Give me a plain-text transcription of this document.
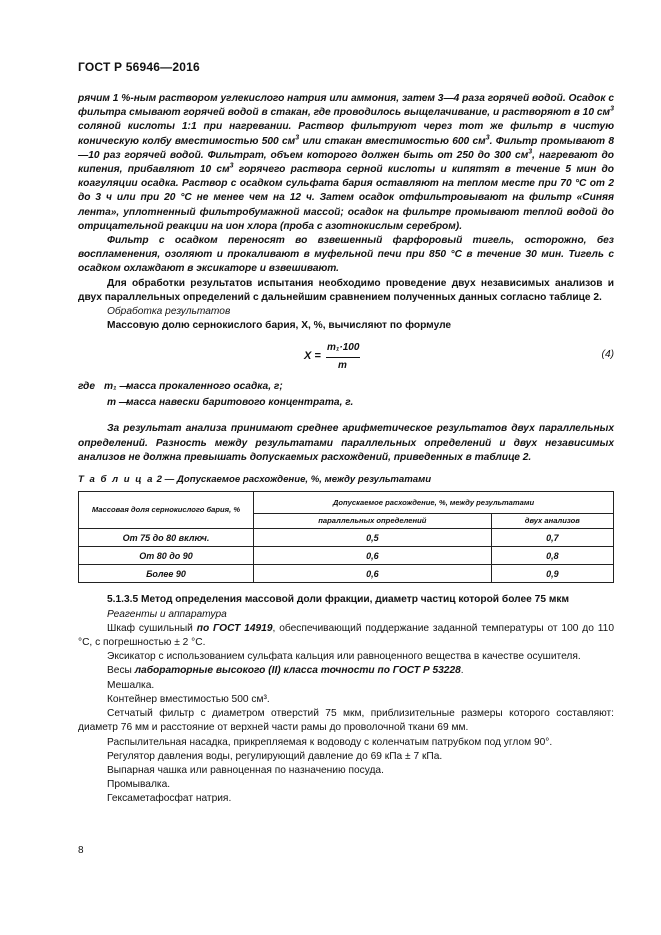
ГОСТ Р 56946—2016

рячим 1 %-ным раствором углекислого натрия или аммония, затем 3—4 раза горячей водой. Осадок с фильтра смывают горячей водой в стакан, где проводилось выщелачивание, и растворяют в 10 $см^3$ соляной кислоты 1:1 при нагревании. Раствор фильтруют через тот же фильтр в чистую коническую колбу вместимостью 500 $см^3$ или стакан вместимостью 600 $см^3$. Фильтр промывают 8—10 раз горячей водой. Фильтрат, объем которого должен быть от 250 до 300 $см^3$, нагревают до кипения, прибавляют 10 $см^3$ горячего раствора серной кислоты и кипятят в течение 5 мин до коагуляции осадка. Раствор с осадком сульфата бария оставляют на теплом месте при 70 °С от 2 до 3 ч или при 20 °С не менее чем на 12 ч. Затем осадок отфильтровывают на фильтр «Синяя лента», уплотненный фильтробумажной массой; осадок на фильтре промывают теплой водой до отрицательной реакции на ион хлора (проба с азотнокислым серебром).

Фильтр с осадком переносят во взвешенный фарфоровый тигель, осторожно, без воспламенения, озоляют и прокаливают в муфельной печи при 850 °С в течение 30 мин. Тигель с осадком охлаждают в эксикаторе и взвешивают.

Для обработки результатов испытания необходимо проведение двух независимых анализов и двух параллельных определений с дальнейшим сравнением полученных данных согласно таблице 2.

Обработка результатов

Массовую долю сернокислого бария, X, %, вычисляют по формуле

X =
m₁·100
m
(4)
где m₁ —
масса прокаленного осадка, г;
m —
масса навески баритового концентрата, г.

За результат анализа принимают среднее арифметическое результатов двух параллельных определений. Разность между результатами параллельных определений и двух независимых анализов не должна превышать допускаемых расхождений, приведенных в таблице 2.

Т а б л и ц а 2 — Допускаемое расхождение, %, между результатами
Массовая доля сернокислого бария, %	Допускаемое расхождение, %, между результатами	
	параллельных определений	двух анализов
От 75 до 80 включ.	0,5	0,7
От 80 до 90	0,6	0,8
Более 90	0,6	0,9

5.1.3.5 Метод определения массовой доли фракции, диаметр частиц которой более 75 мкм

Реагенты и аппаратура

Шкаф сушильный по ГОСТ 14919, обеспечивающий поддержание заданной температуры от 100 до 110 °С, с погрешностью ± 2 °С.

Эксикатор с использованием сульфата кальция или равноценного вещества в качестве осушителя.

Весы лабораторные высокого (II) класса точности по ГОСТ Р 53228.

Мешалка.

Контейнер вместимостью 500 см³.

Сетчатый фильтр с диаметром отверстий 75 мкм, приблизительные размеры которого составляют: диаметр 76 мм и расстояние от верхней части рамы до проволочной ткани 69 мм.

Распылительная насадка, прикрепляемая к водоводу с коленчатым патрубком под углом 90°.

Регулятор давления воды, регулирующий давление до 69 кПа ± 7 кПа.

Выпарная чашка или равноценная по назначению посуда.

Промывалка.

Гексаметафосфат натрия.

8
